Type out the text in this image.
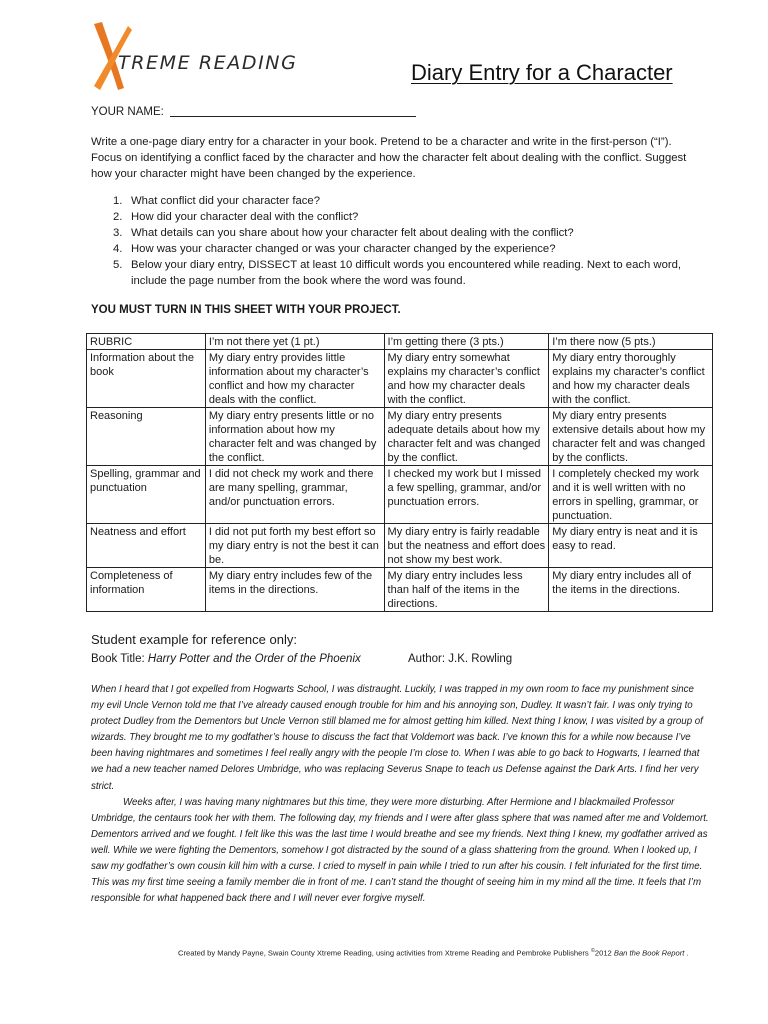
TREME READING	Diary Entry for a Character
YOUR NAME:

Write a one-page diary entry for a character in your book. Pretend to be a character and write in the first-person (“I”). Focus on identifying a conflict faced by the character and how the character felt about dealing with the conflict. Suggest how your character might have been changed by the experience.

1. What conflict did your character face?
2. How did your character deal with the conflict?
3. What details can you share about how your character felt about dealing with the conflict?
4. How was your character changed or was your character changed by the experience?
5. Below your diary entry, DISSECT at least 10 difficult words you encountered while reading. Next to each word, include the page number from the book where the word was found.
YOU MUST TURN IN THIS SHEET WITH YOUR PROJECT.
RUBRIC	I’m not there yet (1 pt.)	I’m getting there (3 pts.)	I’m there now (5 pts.)
Information about the book	My diary entry provides little information about my character’s conflict and how my character deals with the conflict.	My diary entry somewhat explains my character’s conflict and how my character deals with the conflict.	My diary entry thoroughly explains my character’s conflict and how my character deals with the conflict.
Reasoning	My diary entry presents little or no information about how my character felt and was changed by the conflict.	My diary entry presents adequate details about how my character felt and was changed by the conflict.	My diary entry presents extensive details about how my character felt and was changed by the conflicts.
Spelling, grammar and punctuation	I did not check my work and there are many spelling, grammar, and/or punctuation errors.	I checked my work but I missed a few spelling, grammar, and/or punctuation errors.	I completely checked my work and it is well written with no errors in spelling, grammar, or punctuation.
Neatness and effort	I did not put forth my best effort so my diary entry is not the best it can be.	My diary entry is fairly readable but the neatness and effort does not show my best work.	My diary entry is neat and it is easy to read.
Completeness of information	My diary entry includes few of the items in the directions.	My diary entry includes less than half of the items in the directions.	My diary entry includes all of the items in the directions.
Student example for reference only:
Book Title: Harry Potter and the Order of the Phoenix	Author: J.K. Rowling

When I heard that I got expelled from Hogwarts School, I was distraught. Luckily, I was trapped in my own room to face my punishment since my evil Uncle Vernon told me that I’ve already caused enough trouble for him and his annoying son, Dudley. It wasn’t fair. I was only trying to protect Dudley from the Dementors but Uncle Vernon still blamed me for almost getting him killed. Next thing I know, I was visited by a group of wizards. They brought me to my godfather’s house to discuss the fact that Voldemort was back. I’ve known this for a while now because I’ve been having nightmares and sometimes I feel really angry with the people I’m close to. When I was able to go back to Hogwarts, I learned that we had a new teacher named Delores Umbridge, who was replacing Severus Snape to teach us Defense against the Dark Arts. I find her very strict.
Weeks after, I was having many nightmares but this time, they were more disturbing. After Hermione and I blackmailed Professor Umbridge, the centaurs took her with them. The following day, my friends and I were after glass sphere that was named after me and Voldemort. Dementors arrived and we fought. I felt like this was the last time I would breathe and see my friends. Next thing I knew, my godfather arrived as well. While we were fighting the Dementors, somehow I got distracted by the sound of a glass shattering from the ground. When I looked up, I saw my godfather’s own cousin kill him with a curse. I cried to myself in pain while I tried to run after his cousin. I felt infuriated for the first time. This was my first time seeing a family member die in front of me. I can’t stand the thought of seeing him in my mind all the time. It feels that I’m responsible for what happened back there and I will never ever forgive myself.

Created by Mandy Payne, Swain County Xtreme Reading, using activities from Xtreme Reading and Pembroke Publishers ©2012 Ban the Book Report .
